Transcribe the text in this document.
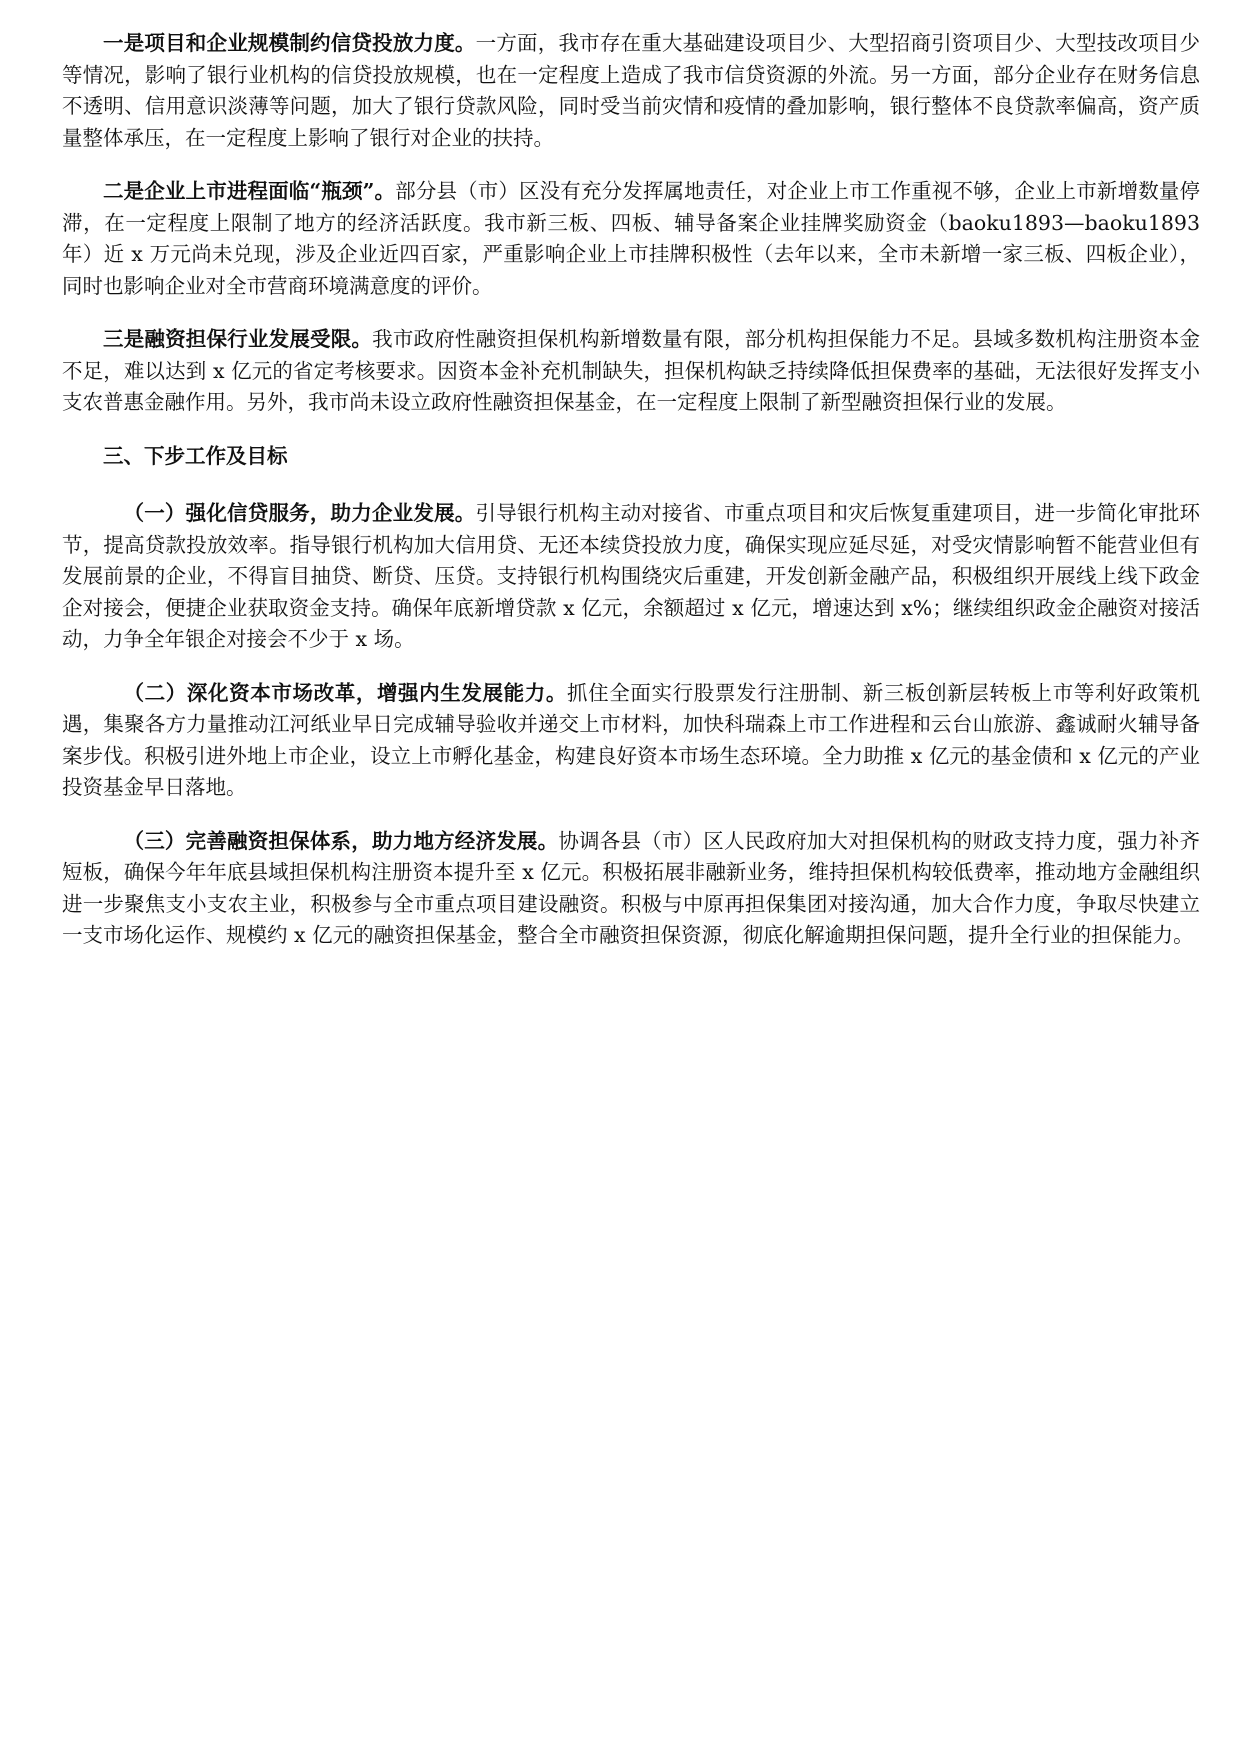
一是项目和企业规模制约信贷投放力度。一方面，我市存在重大基础建设项目少、大型招商引资项目少、大型技改项目少等情况，影响了银行业机构的信贷投放规模，也在一定程度上造成了我市信贷资源的外流。另一方面，部分企业存在财务信息不透明、信用意识淡薄等问题，加大了银行贷款风险，同时受当前灾情和疫情的叠加影响，银行整体不良贷款率偏高，资产质量整体承压，在一定程度上影响了银行对企业的扶持。

二是企业上市进程面临“瓶颈”。部分县（市）区没有充分发挥属地责任，对企业上市工作重视不够，企业上市新增数量停滞，在一定程度上限制了地方的经济活跃度。我市新三板、四板、辅导备案企业挂牌奖励资金（baoku1893—baoku1893 年）近 x 万元尚未兑现，涉及企业近四百家，严重影响企业上市挂牌积极性（去年以来，全市未新增一家三板、四板企业），同时也影响企业对全市营商环境满意度的评价。

三是融资担保行业发展受限。我市政府性融资担保机构新增数量有限，部分机构担保能力不足。县域多数机构注册资本金不足，难以达到 x 亿元的省定考核要求。因资本金补充机制缺失，担保机构缺乏持续降低担保费率的基础，无法很好发挥支小支农普惠金融作用。另外，我市尚未设立政府性融资担保基金，在一定程度上限制了新型融资担保行业的发展。

三、下步工作及目标

（一）强化信贷服务，助力企业发展。引导银行机构主动对接省、市重点项目和灾后恢复重建项目，进一步简化审批环节，提高贷款投放效率。指导银行机构加大信用贷、无还本续贷投放力度，确保实现应延尽延，对受灾情影响暂不能营业但有发展前景的企业，不得盲目抽贷、断贷、压贷。支持银行机构围绕灾后重建，开发创新金融产品，积极组织开展线上线下政金企对接会，便捷企业获取资金支持。确保年底新增贷款 x 亿元，余额超过 x 亿元，增速达到 x%；继续组织政金企融资对接活动，力争全年银企对接会不少于 x 场。

（二）深化资本市场改革，增强内生发展能力。抓住全面实行股票发行注册制、新三板创新层转板上市等利好政策机遇，集聚各方力量推动江河纸业早日完成辅导验收并递交上市材料，加快科瑞森上市工作进程和云台山旅游、鑫诚耐火辅导备案步伐。积极引进外地上市企业，设立上市孵化基金，构建良好资本市场生态环境。全力助推 x 亿元的基金债和 x 亿元的产业投资基金早日落地。

（三）完善融资担保体系，助力地方经济发展。协调各县（市）区人民政府加大对担保机构的财政支持力度，强力补齐短板，确保今年年底县域担保机构注册资本提升至 x 亿元。积极拓展非融新业务，维持担保机构较低费率，推动地方金融组织进一步聚焦支小支农主业，积极参与全市重点项目建设融资。积极与中原再担保集团对接沟通，加大合作力度，争取尽快建立一支市场化运作、规模约 x 亿元的融资担保基金，整合全市融资担保资源，彻底化解逾期担保问题，提升全行业的担保能力。
